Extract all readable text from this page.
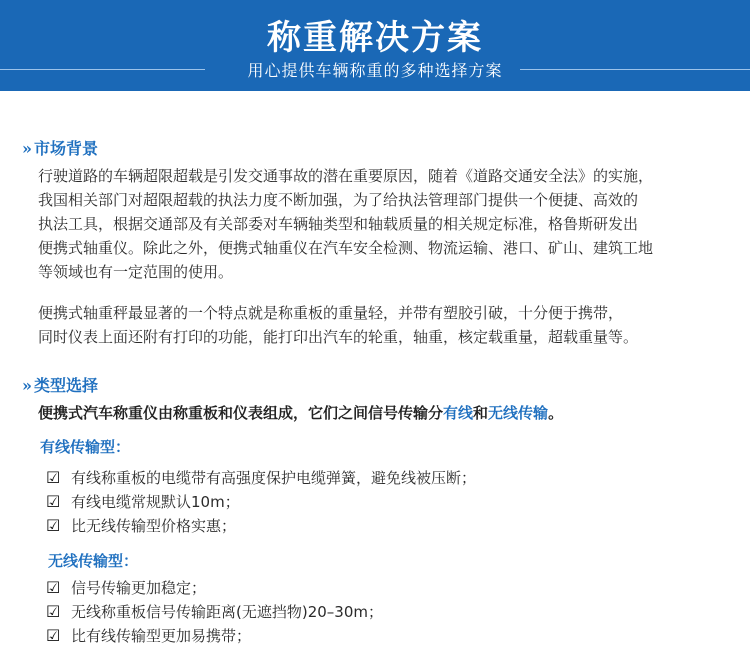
称重解决方案
用心提供车辆称重的多种选择方案
» 市场背景
行驶道路的车辆超限超载是引发交通事故的潜在重要原因，随着《道路交通安全法》的实施，
我国相关部门对超限超载的执法力度不断加强，为了给执法管理部门提供一个便捷、高效的
执法工具，根据交通部及有关部委对车辆轴类型和轴载质量的相关规定标准，格鲁斯研发出
便携式轴重仪。除此之外，便携式轴重仪在汽车安全检测、物流运输、港口、矿山、建筑工地
等领域也有一定范围的使用。
便携式轴重秤最显著的一个特点就是称重板的重量轻，并带有塑胶引破，十分便于携带，
同时仪表上面还附有打印的功能，能打印出汽车的轮重，轴重，核定载重量，超载重量等。
» 类型选择
便携式汽车称重仪由称重板和仪表组成，它们之间信号传输分有线和无线传输。
有线传输型：
☑ 有线称重板的电缆带有高强度保护电缆弹簧，避免线被压断；
☑ 有线电缆常规默认10m；
☑ 比无线传输型价格实惠；
无线传输型：
☑ 信号传输更加稳定；
☑ 无线称重板信号传输距离(无遮挡物)20–30m；
☑ 比有线传输型更加易携带；
